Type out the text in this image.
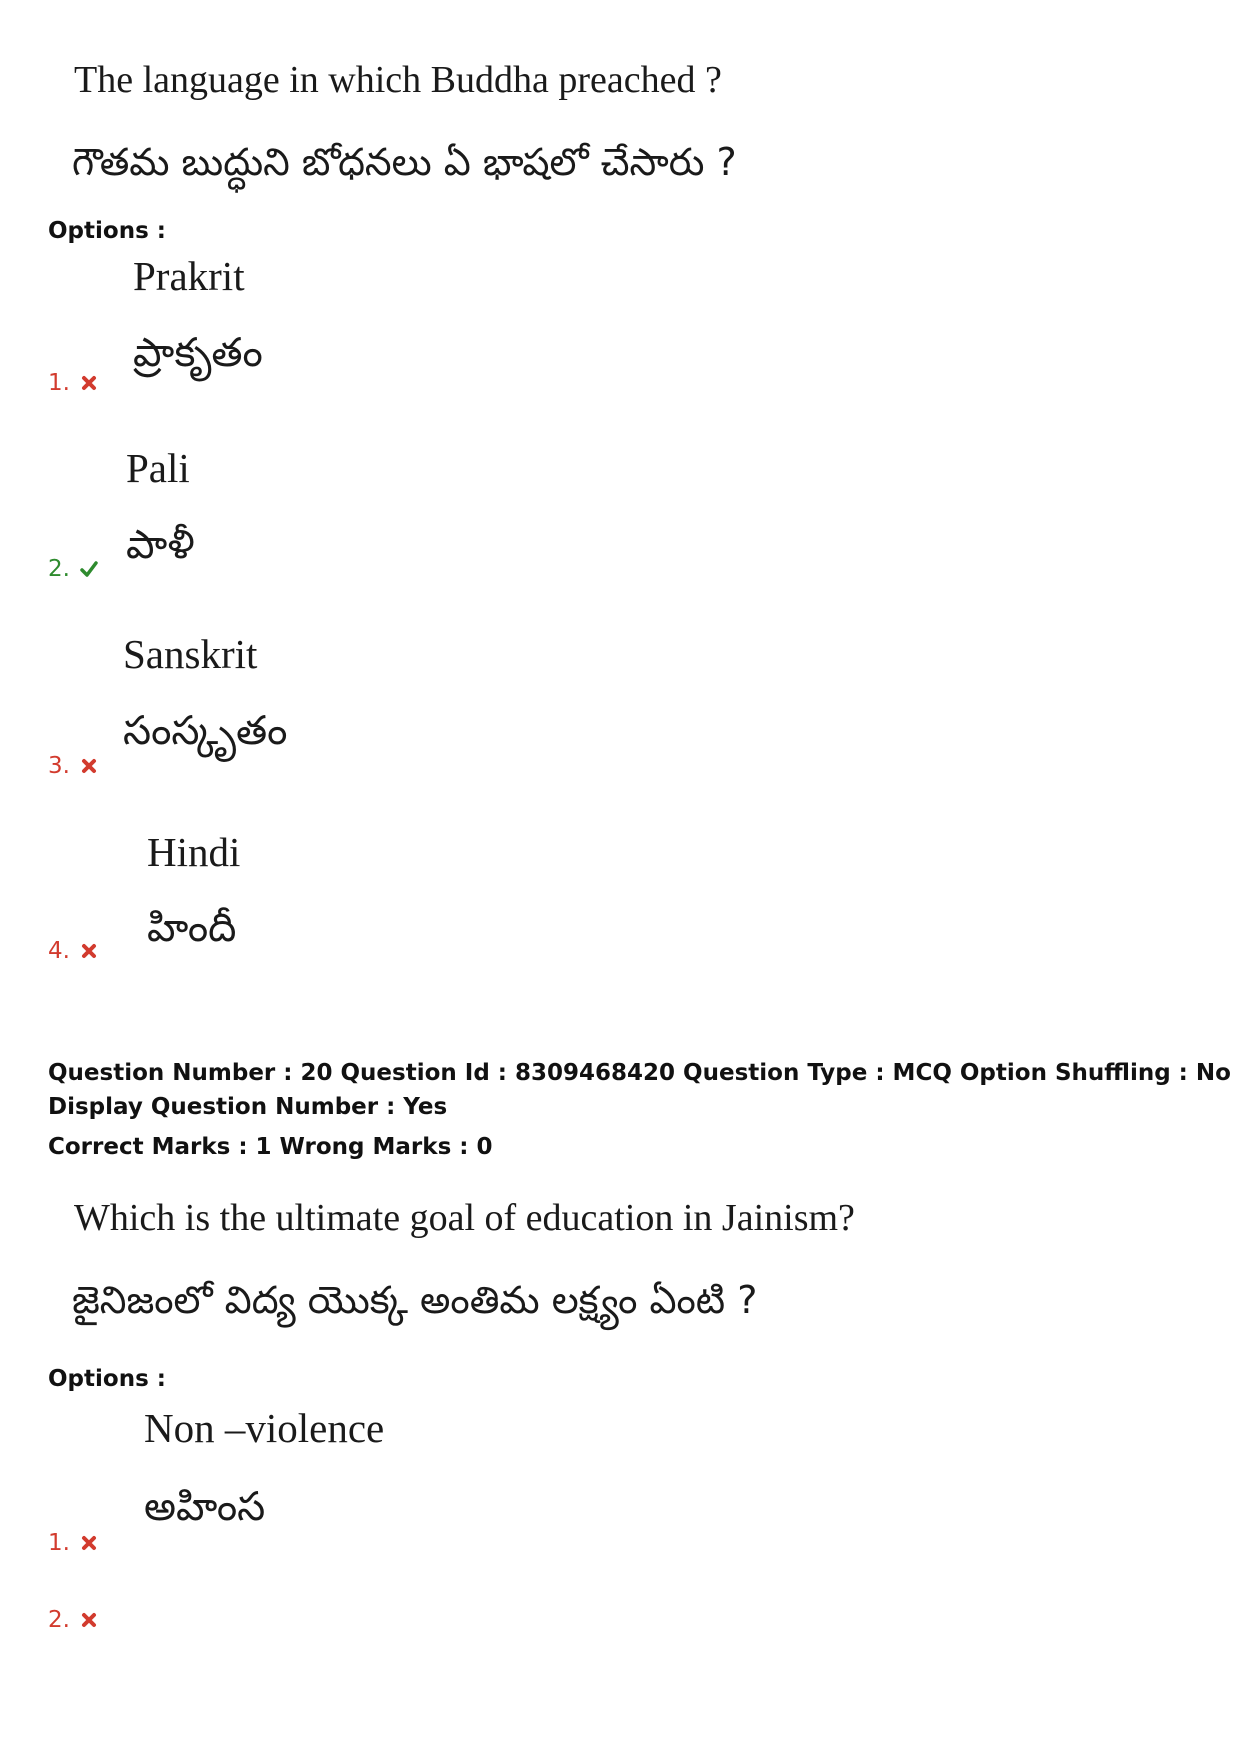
The language in which Buddha preached ?
గౌతమ బుద్ధుని బోధనలు ఏ భాషలో చేసారు ?
Options :
Prakrit
ప్రాకృతం
1.
Pali
పాళీ
2.
Sanskrit
సంస్కృతం
3.
Hindi
హిందీ
4.
Question Number : 20 Question Id : 8309468420 Question Type : MCQ Option Shuffling : No
Display Question Number : Yes
Correct Marks : 1 Wrong Marks : 0
Which is the ultimate goal of education in Jainism?
జైనిజంలో విద్య యొక్క అంతిమ లక్ష్యం ఏంటి ?
Options :
Non –violence
అహింస
1.
2.
